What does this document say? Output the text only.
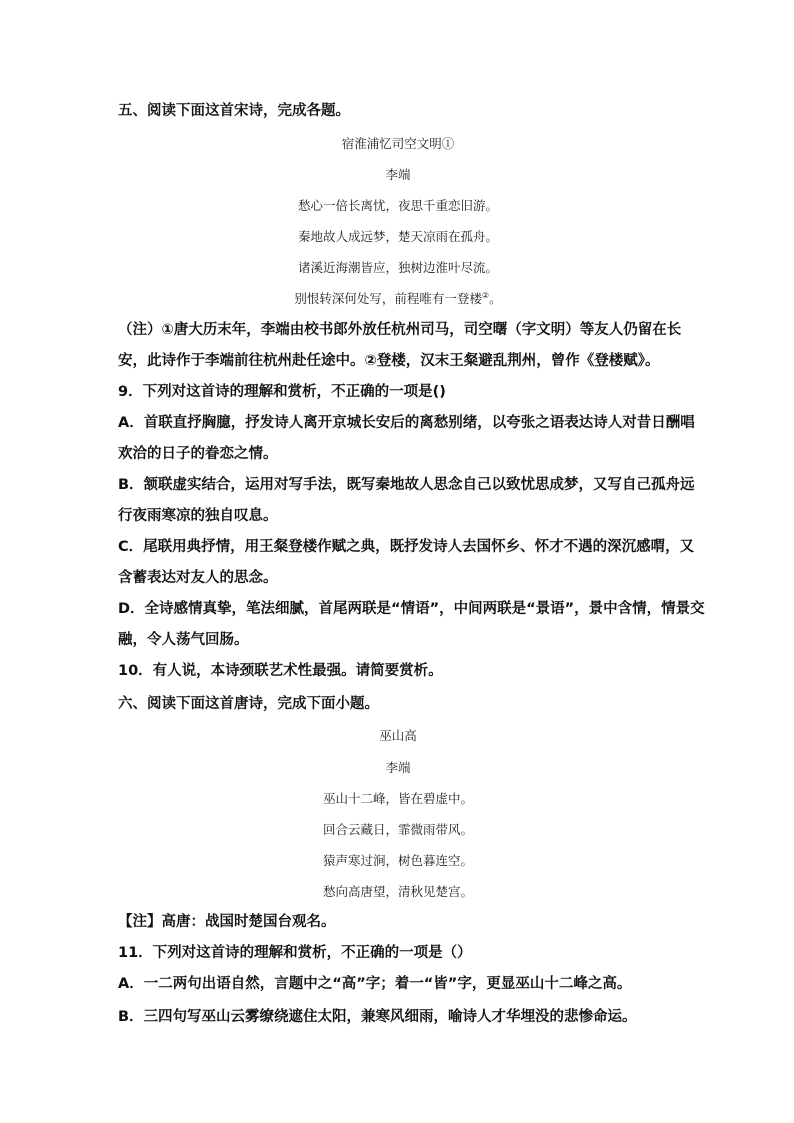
五、阅读下面这首宋诗，完成各题。
宿淮浦忆司空文明①
李端
愁心一倍长离忧，夜思千重恋旧游。
秦地故人成远梦，楚天凉雨在孤舟。
诸溪近海潮皆应，独树边淮叶尽流。
别恨转深何处写，前程唯有一登楼②。
（注）①唐大历末年，李端由校书郎外放任杭州司马，司空曙（字文明）等友人仍留在长
安，此诗作于李端前往杭州赴任途中。②登楼，汉末王粲避乱荆州，曾作《登楼赋》。
9．下列对这首诗的理解和赏析，不正确的一项是()
A．首联直抒胸臆，抒发诗人离开京城长安后的离愁别绪，以夸张之语表达诗人对昔日酬唱
欢洽的日子的眷恋之情。
B．颔联虚实结合，运用对写手法，既写秦地故人思念自己以致忧思成梦，又写自己孤舟远
行夜雨寒凉的独自叹息。
C．尾联用典抒情，用王粲登楼作赋之典，既抒发诗人去国怀乡、怀才不遇的深沉感喟，又
含蓄表达对友人的思念。
D．全诗感情真挚，笔法细腻，首尾两联是“情语”，中间两联是“景语”，景中含情，情景交
融，令人荡气回肠。
10．有人说，本诗颈联艺术性最强。请简要赏析。
六、阅读下面这首唐诗，完成下面小题。
巫山高
李端
巫山十二峰，皆在碧虚中。
回合云藏日，霏微雨带风。
猿声寒过涧，树色暮连空。
愁向高唐望，清秋见楚宫。
【注】高唐：战国时楚国台观名。
11．下列对这首诗的理解和赏析，不正确的一项是（）
A．一二两句出语自然，言题中之“高”字；着一“皆”字，更显巫山十二峰之高。
B．三四句写巫山云雾缭绕遮住太阳，兼寒风细雨，喻诗人才华埋没的悲惨命运。
